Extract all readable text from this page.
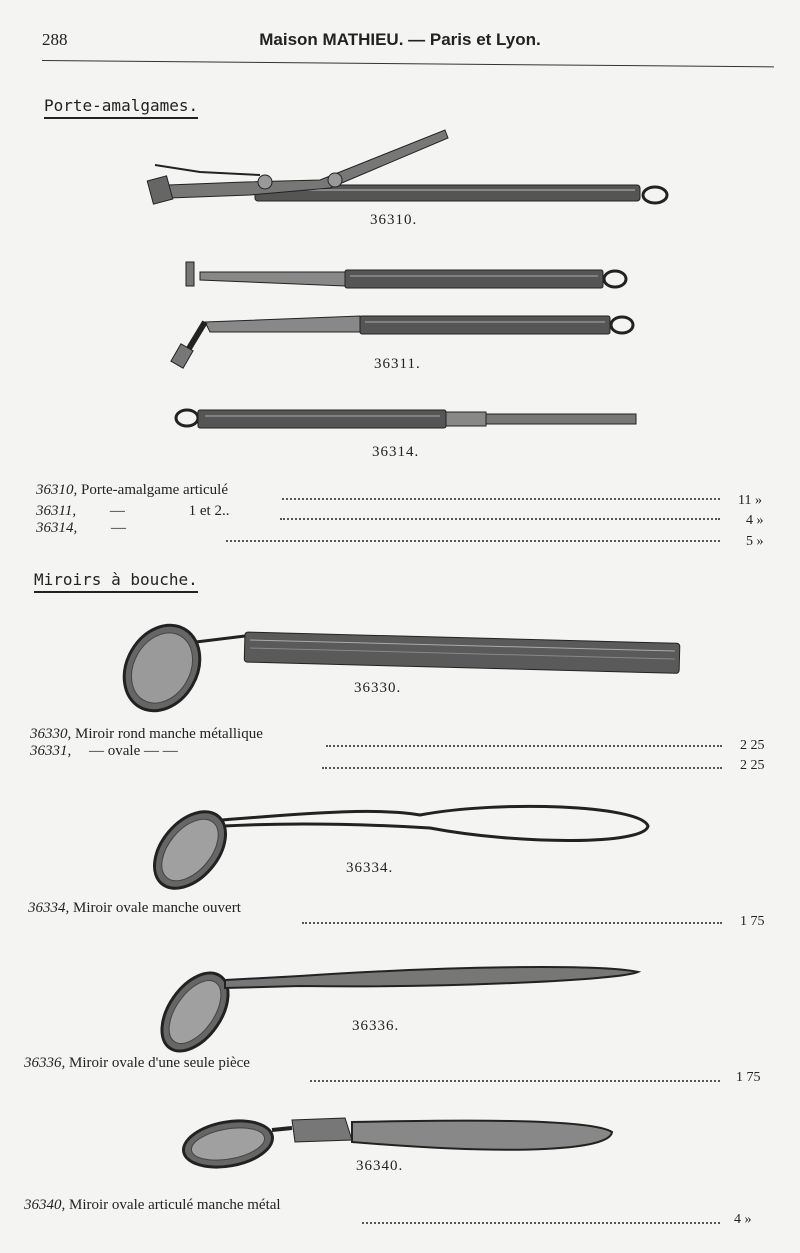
288	Maison MATHIEU. — Paris et Lyon.
Porte-amalgames.
36310.
36311.
36314.
36310, Porte-amalgame articulé
11 »
36311, —	1 et 2..
4 »
36314, —
5 »
Miroirs à bouche.
36330.
36330, Miroir rond manche métallique
2 25
36331, — ovale — —
2 25
36334.
36334, Miroir ovale manche ouvert
1 75
36336.
36336, Miroir ovale d'une seule pièce
1 75
36340.
36340, Miroir ovale articulé manche métal
4 »
